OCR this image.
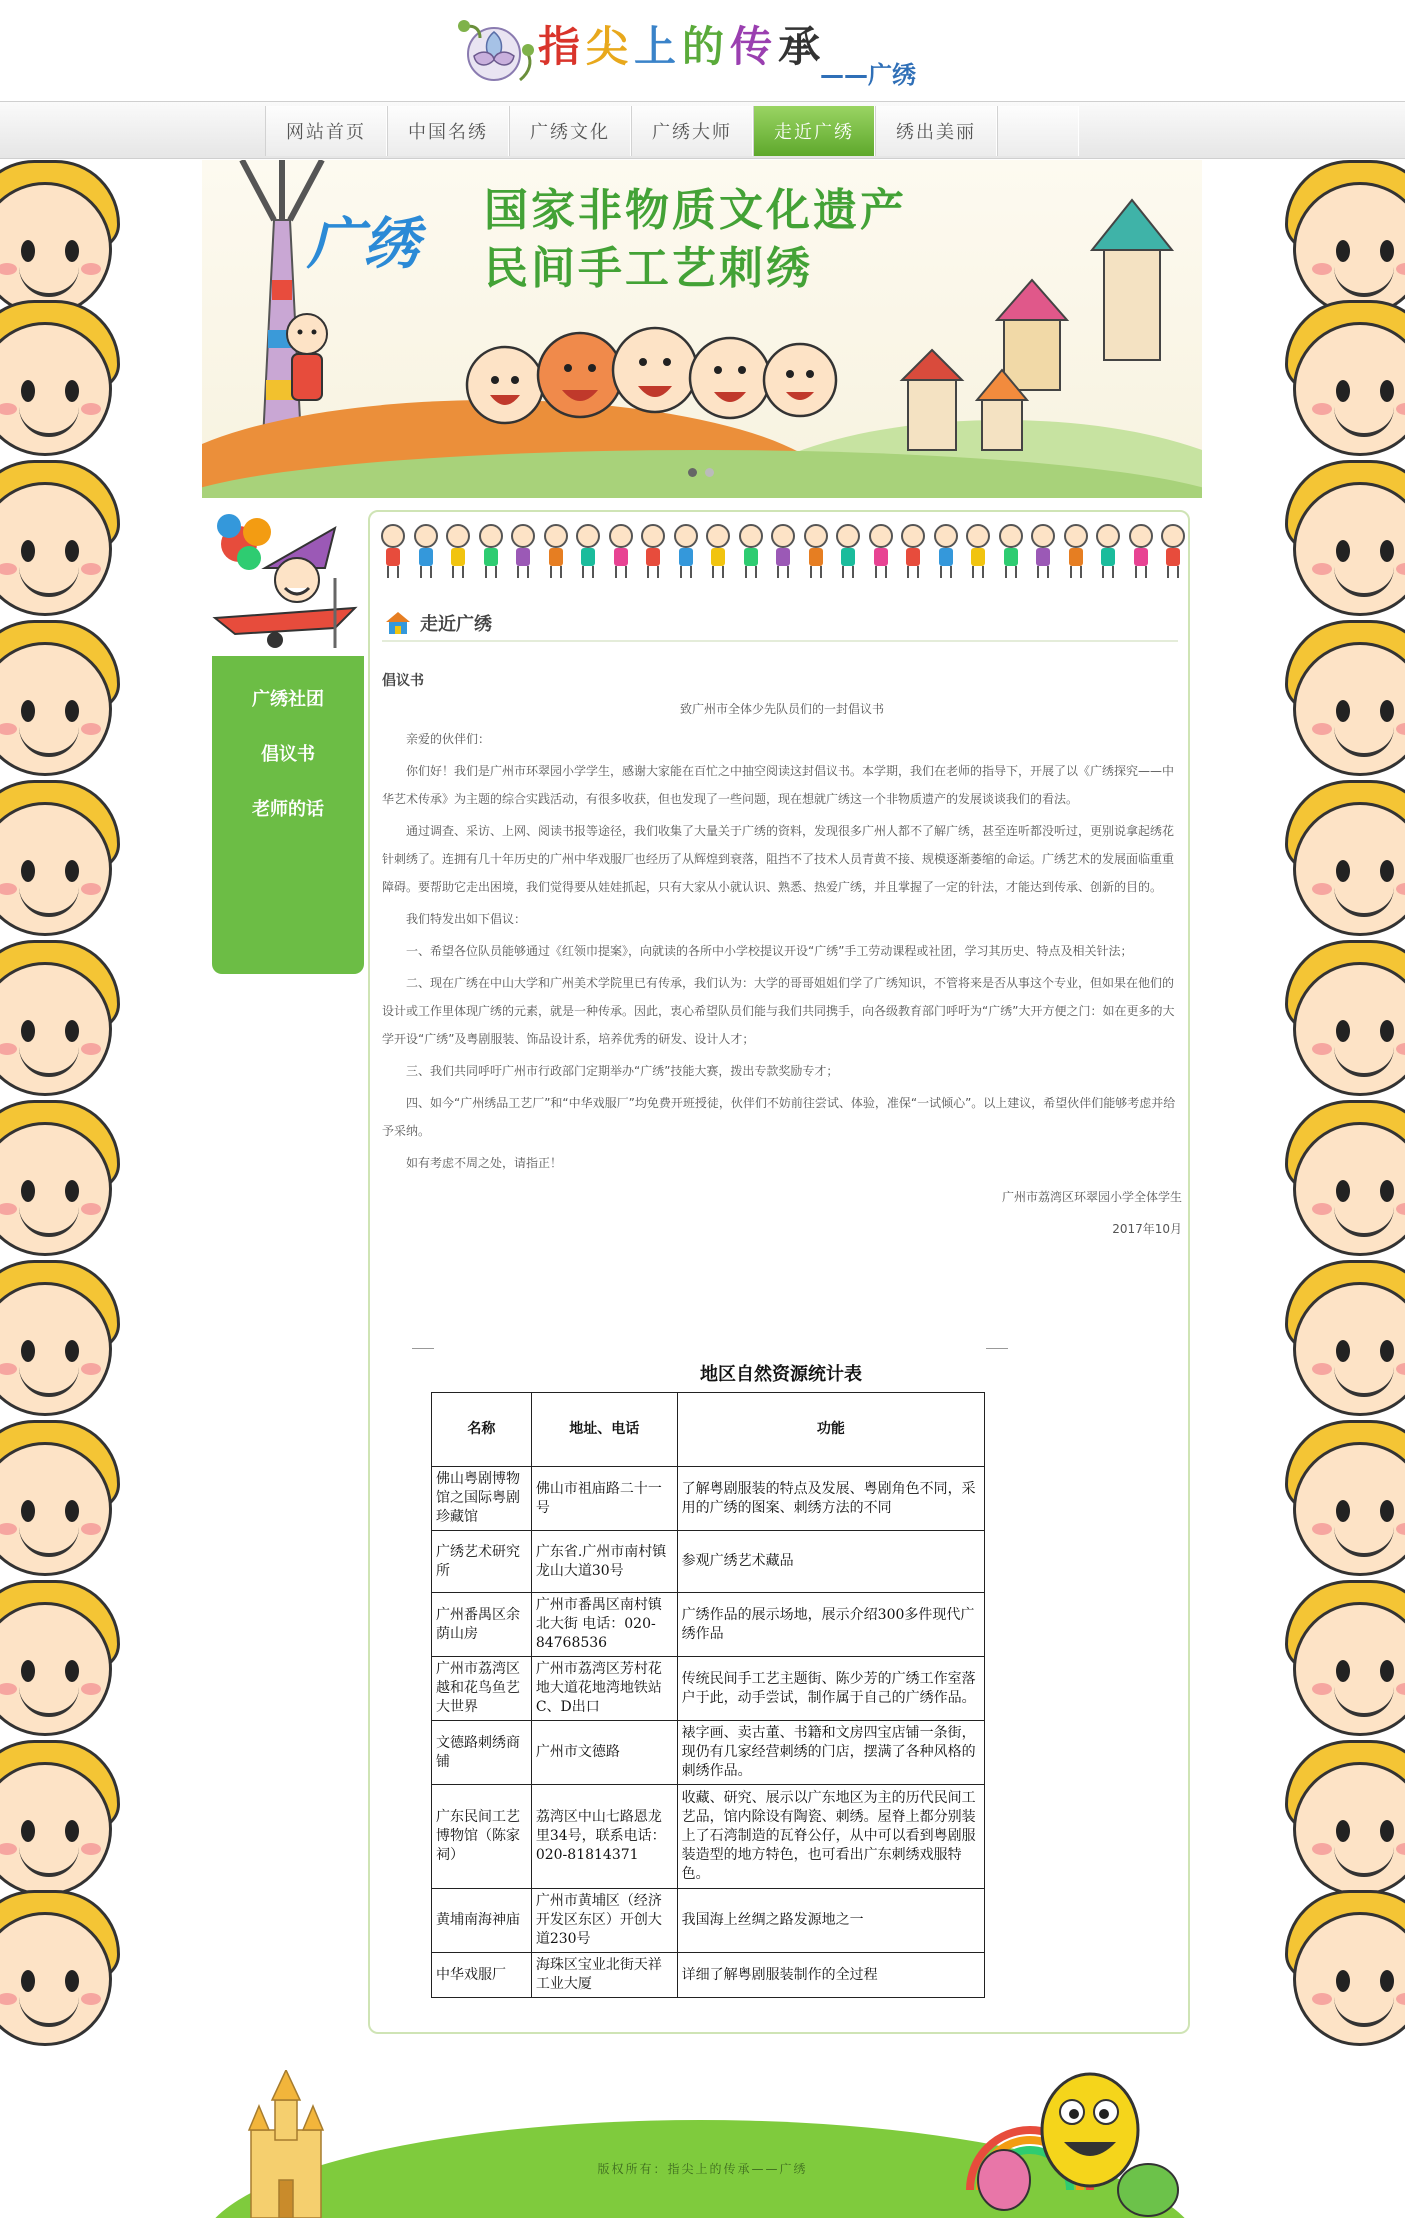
指尖上的传承
——广绣
网站首页	中国名绣	广绣文化	广绣大师	走近广绣	绣出美丽
广绣
国家非物质文化遗产
民间手工艺刺绣
广绣社团
倡议书
老师的话
走近广绣
倡议书
致广州市全体少先队员们的一封倡议书
亲爱的伙伴们：
你们好！我们是广州市环翠园小学学生，感谢大家能在百忙之中抽空阅读这封倡议书。本学期，我们在老师的指导下，开展了以《广绣探究——中华艺术传承》为主题的综合实践活动，有很多收获，但也发现了一些问题，现在想就广绣这一个非物质遗产的发展谈谈我们的看法。
通过调查、采访、上网、阅读书报等途径，我们收集了大量关于广绣的资料，发现很多广州人都不了解广绣，甚至连听都没听过，更别说拿起绣花针刺绣了。连拥有几十年历史的广州中华戏服厂也经历了从辉煌到衰落，阻挡不了技术人员青黄不接、规模逐渐萎缩的命运。广绣艺术的发展面临重重障碍。要帮助它走出困境，我们觉得要从娃娃抓起，只有大家从小就认识、熟悉、热爱广绣，并且掌握了一定的针法，才能达到传承、创新的目的。
我们特发出如下倡议：
一、希望各位队员能够通过《红领巾提案》，向就读的各所中小学校提议开设“广绣”手工劳动课程或社团，学习其历史、特点及相关针法；
二、现在广绣在中山大学和广州美术学院里已有传承，我们认为：大学的哥哥姐姐们学了广绣知识，不管将来是否从事这个专业，但如果在他们的设计或工作里体现广绣的元素，就是一种传承。因此，衷心希望队员们能与我们共同携手，向各级教育部门呼吁为“广绣”大开方便之门：如在更多的大学开设“广绣”及粤剧服装、饰品设计系，培养优秀的研发、设计人才；
三、我们共同呼吁广州市行政部门定期举办“广绣”技能大赛，拨出专款奖励专才；
四、如今“广州绣品工艺厂”和“中华戏服厂”均免费开班授徒，伙伴们不妨前往尝试、体验，准保“一试倾心”。以上建议，希望伙伴们能够考虑并给予采纳。
如有考虑不周之处，请指正！
广州市荔湾区环翠园小学全体学生
2017年10月
地区自然资源统计表
名称	地址、电话	功能
佛山粤剧博物馆之国际粤剧珍藏馆	佛山市祖庙路二十一号	了解粤剧服装的特点及发展、粤剧角色不同，采用的广绣的图案、刺绣方法的不同
广绣艺术研究所	广东省.广州市南村镇龙山大道30号	参观广绣艺术藏品
广州番禺区余荫山房	广州市番禺区南村镇北大街 电话：020-84768536	广绣作品的展示场地，展示介绍300多件现代广绣作品
广州市荔湾区越和花鸟鱼艺大世界	广州市荔湾区芳村花地大道花地湾地铁站C、D出口	传统民间手工艺主题街、陈少芳的广绣工作室落户于此，动手尝试，制作属于自己的广绣作品。
文德路刺绣商铺	广州市文德路	裱字画、卖古董、书籍和文房四宝店铺一条街，现仍有几家经营刺绣的门店，摆满了各种风格的刺绣作品。
广东民间工艺博物馆（陈家祠）	荔湾区中山七路恩龙里34号，联系电话：020-81814371	收藏、研究、展示以广东地区为主的历代民间工艺品，馆内除设有陶瓷、刺绣。屋脊上都分别装上了石湾制造的瓦脊公仔，从中可以看到粤剧服装造型的地方特色，也可看出广东刺绣戏服特色。
黄埔南海神庙	广州市黄埔区（经济开发区东区）开创大道230号	我国海上丝绸之路发源地之一
中华戏服厂	海珠区宝业北街天祥工业大厦	详细了解粤剧服装制作的全过程
版权所有：指尖上的传承——广绣
